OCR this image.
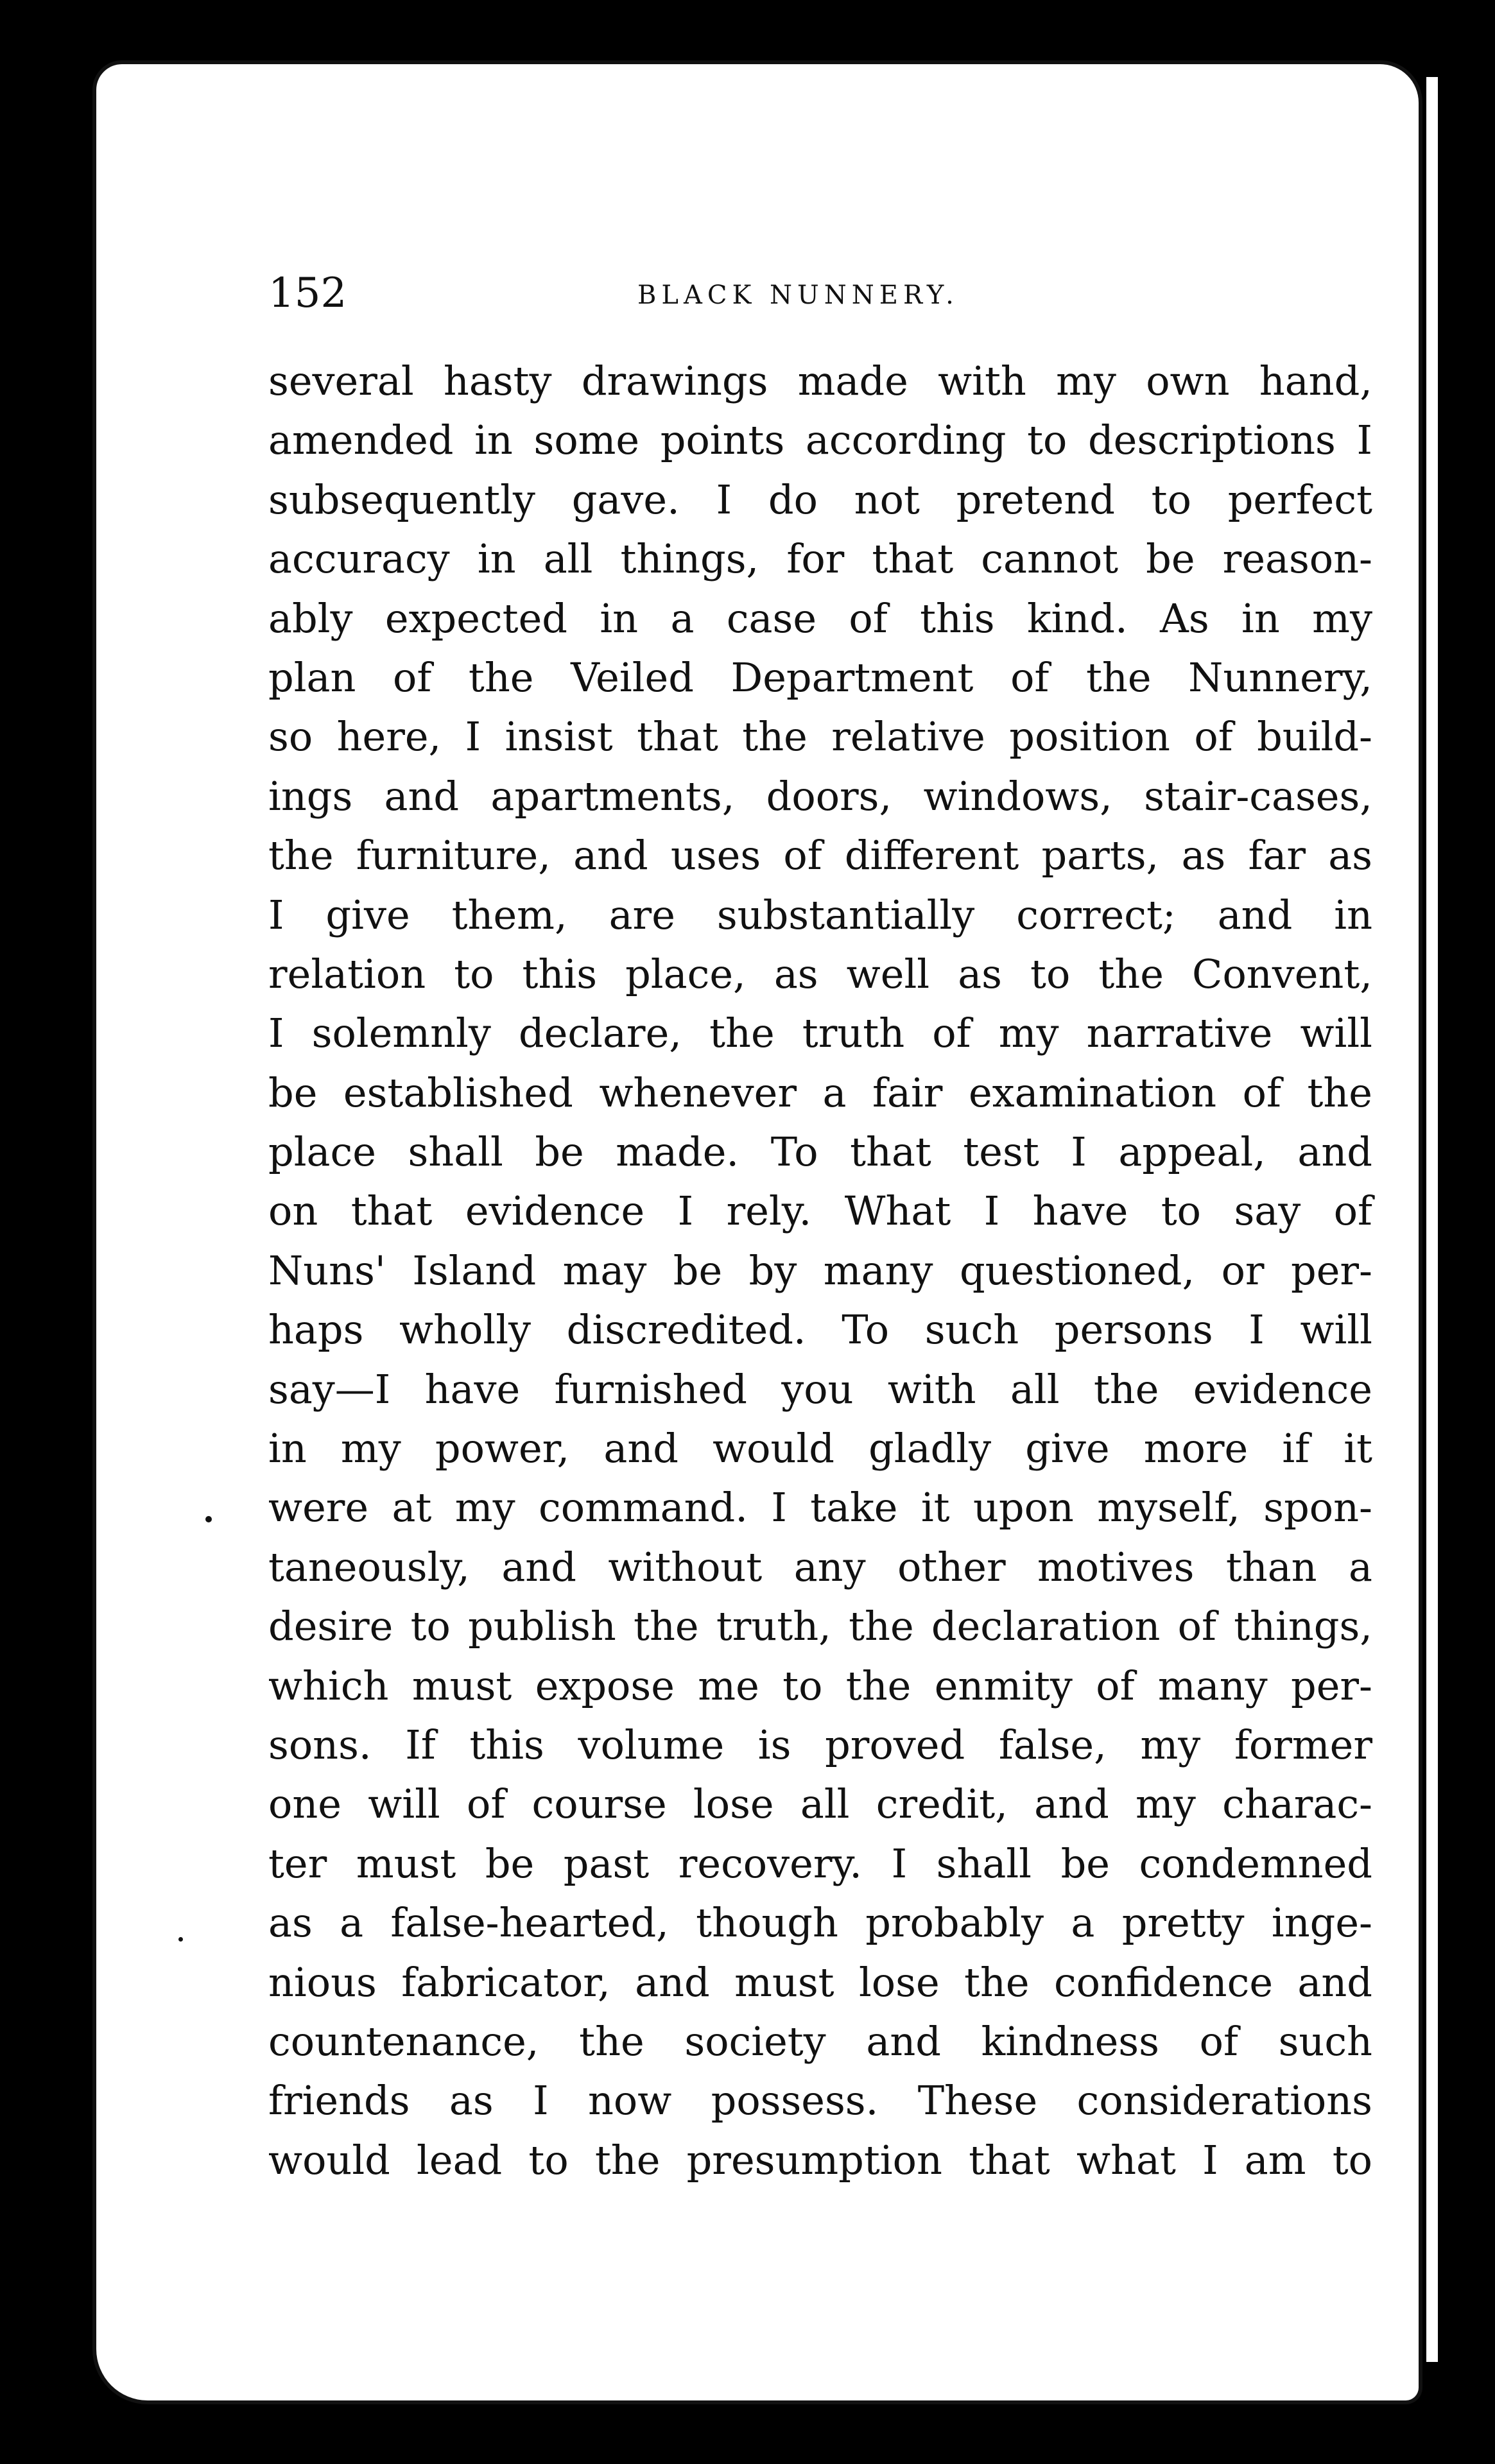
152	BLACK NUNNERY.
several hasty drawings made with my own hand,
amended in some points according to descriptions I
subsequently gave. I do not pretend to perfect
accuracy in all things, for that cannot be reason-
ably expected in a case of this kind. As in my
plan of the Veiled Department of the Nunnery,
so here, I insist that the relative position of build-
ings and apartments, doors, windows, stair-cases,
the furniture, and uses of different parts, as far as
I give them, are substantially correct; and in
relation to this place, as well as to the Convent,
I solemnly declare, the truth of my narrative will
be established whenever a fair examination of the
place shall be made. To that test I appeal, and
on that evidence I rely. What I have to say of
Nuns' Island may be by many questioned, or per-
haps wholly discredited. To such persons I will
say—I have furnished you with all the evidence
in my power, and would gladly give more if it
were at my command. I take it upon myself, spon-
taneously, and without any other motives than a
desire to publish the truth, the declaration of things,
which must expose me to the enmity of many per-
sons. If this volume is proved false, my former
one will of course lose all credit, and my charac-
ter must be past recovery. I shall be condemned
as a false-hearted, though probably a pretty inge-
nious fabricator, and must lose the confidence and
countenance, the society and kindness of such
friends as I now possess. These considerations
would lead to the presumption that what I am to
